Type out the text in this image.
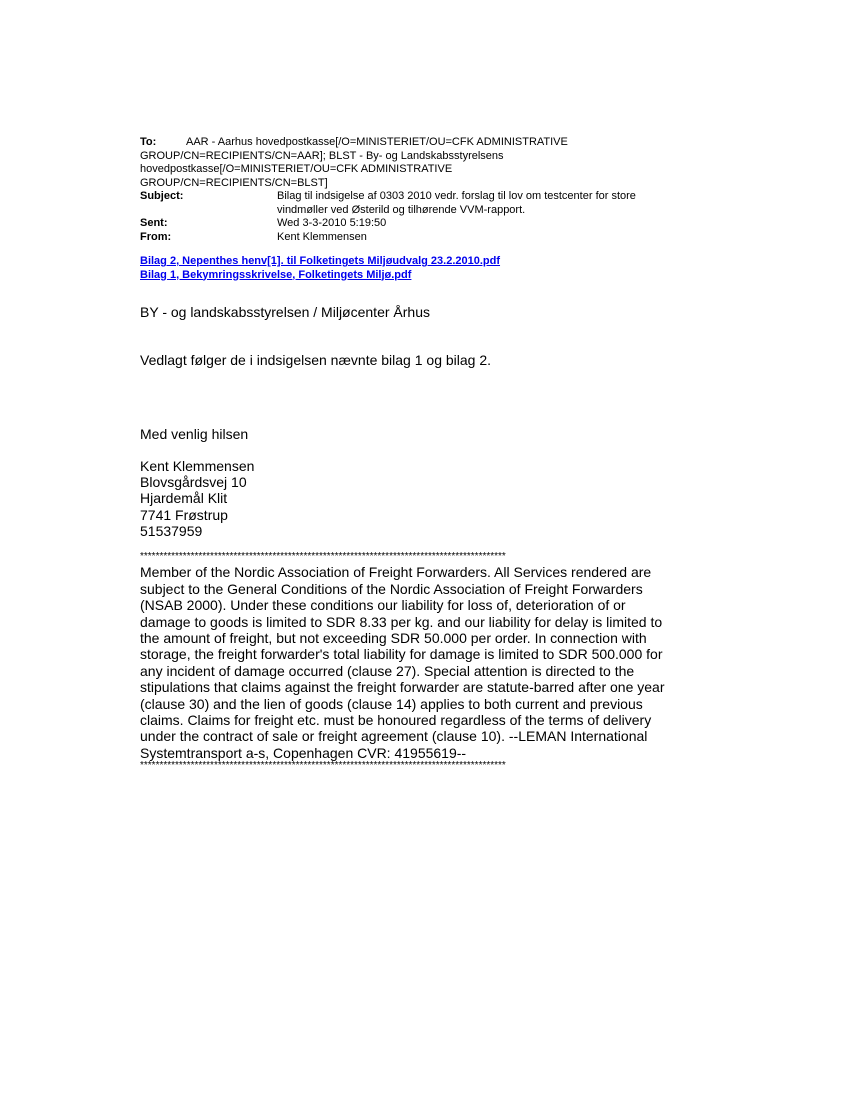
To:	AAR - Aarhus hovedpostkasse[/O=MINISTERIET/OU=CFK ADMINISTRATIVE
GROUP/CN=RECIPIENTS/CN=AAR]; BLST - By- og Landskabsstyrelsens
hovedpostkasse[/O=MINISTERIET/OU=CFK ADMINISTRATIVE
GROUP/CN=RECIPIENTS/CN=BLST]
Subject:	Bilag til indsigelse af 0303 2010 vedr. forslag til lov om testcenter for store
vindmøller ved Østerild og tilhørende VVM-rapport.
Sent:	Wed 3-3-2010 5:19:50
From:	Kent Klemmensen
Bilag 2, Nepenthes henv[1]. til Folketingets Miljøudvalg 23.2.2010.pdf
Bilag 1, Bekymringsskrivelse, Folketingets Miljø.pdf
BY - og landskabsstyrelsen / Miljøcenter Århus
Vedlagt følger de i indsigelsen nævnte bilag 1 og bilag 2.
Med venlig hilsen
Kent Klemmensen
Blovsgårdsvej 10
Hjardemål Klit
7741 Frøstrup
51537959
**********************************************************************************************
Member of the Nordic Association of Freight Forwarders. All Services rendered are
subject to the General Conditions of the Nordic Association of Freight Forwarders
(NSAB 2000). Under these conditions our liability for loss of, deterioration of or
damage to goods is limited to SDR 8.33 per kg. and our liability for delay is limited to
the amount of freight, but not exceeding SDR 50.000 per order. In connection with
storage, the freight forwarder's total liability for damage is limited to SDR 500.000 for
any incident of damage occurred (clause 27). Special attention is directed to the
stipulations that claims against the freight forwarder are statute-barred after one year
(clause 30) and the lien of goods (clause 14) applies to both current and previous
claims. Claims for freight etc. must be honoured regardless of the terms of delivery
under the contract of sale or freight agreement (clause 10). --LEMAN International
Systemtransport a-s, Copenhagen CVR: 41955619--
**********************************************************************************************
